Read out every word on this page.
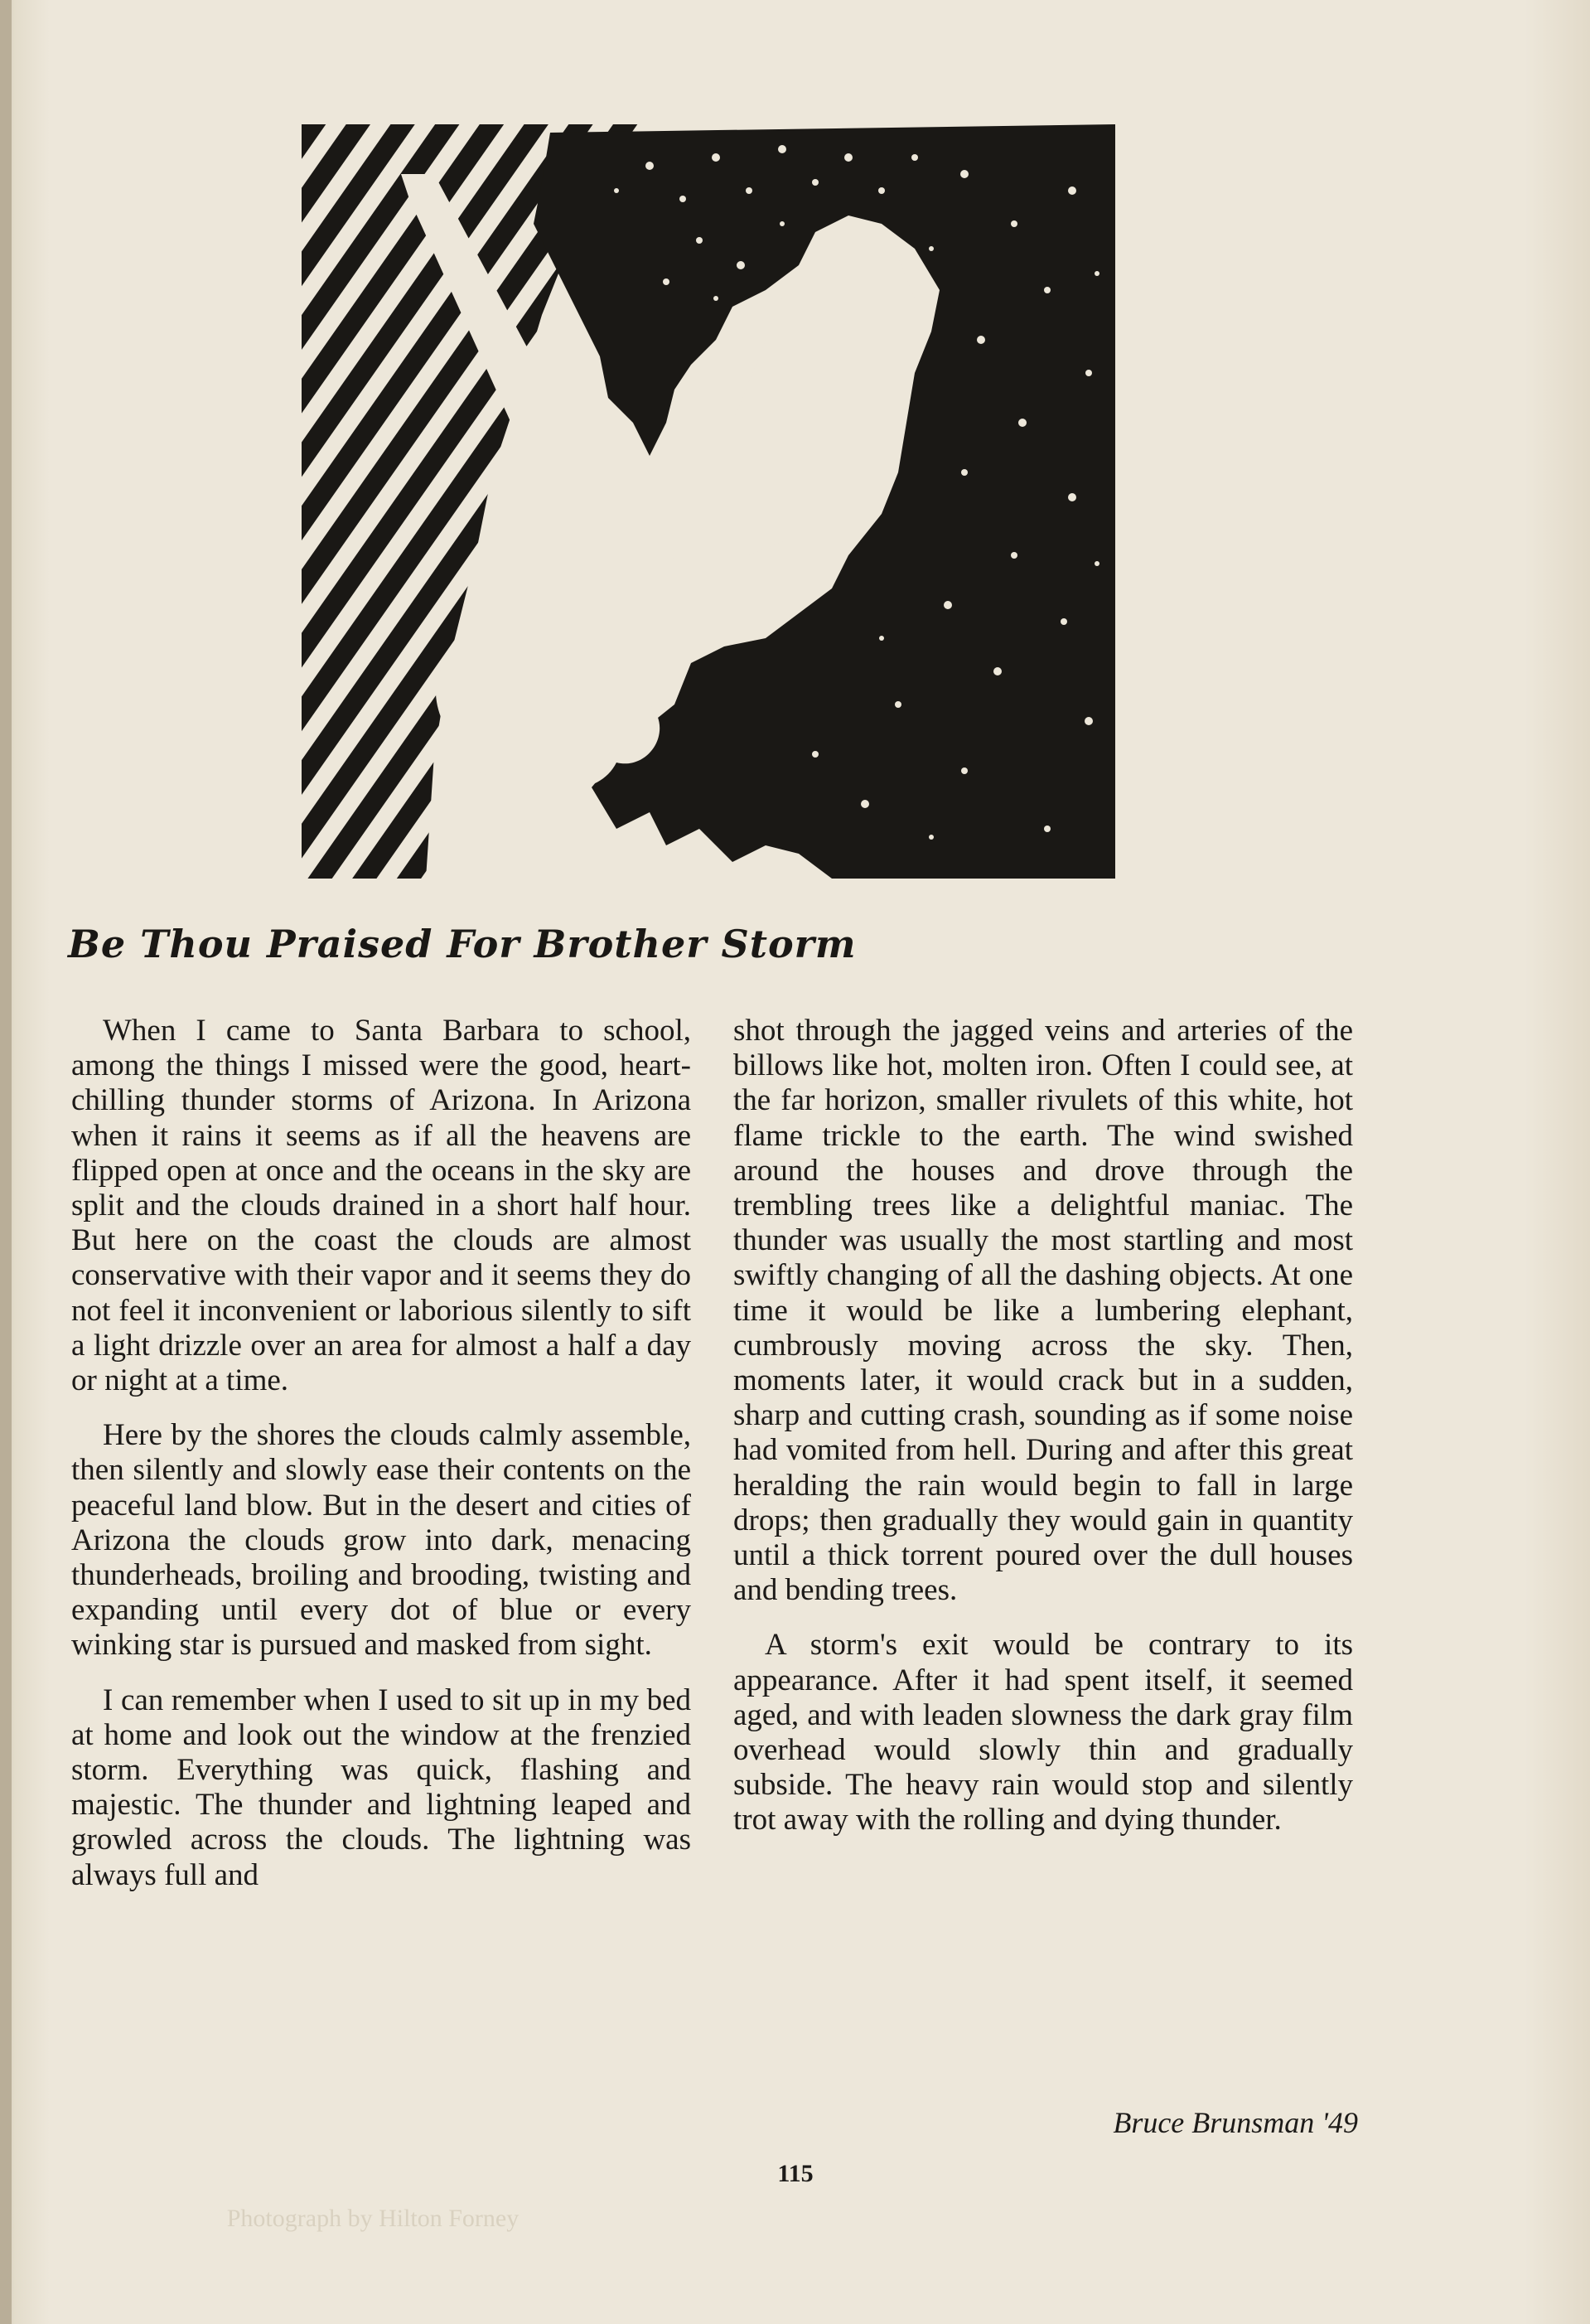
Be Thou Praised For Brother Storm

When I came to Santa Barbara to school, among the things I missed were the good, heart-chilling thunder storms of Arizona. In Arizona when it rains it seems as if all the heavens are flipped open at once and the oceans in the sky are split and the clouds drained in a short half hour. But here on the coast the clouds are almost conservative with their vapor and it seems they do not feel it inconvenient or laborious silently to sift a light drizzle over an area for almost a half a day or night at a time.

Here by the shores the clouds calmly assemble, then silently and slowly ease their contents on the peaceful land blow. But in the desert and cities of Arizona the clouds grow into dark, menacing thunderheads, broiling and brooding, twisting and expanding until every dot of blue or every winking star is pursued and masked from sight.

I can remember when I used to sit up in my bed at home and look out the window at the frenzied storm. Everything was quick, flashing and majestic. The thunder and lightning leaped and growled across the clouds. The lightning was always full and

shot through the jagged veins and arteries of the billows like hot, molten iron. Often I could see, at the far horizon, smaller rivulets of this white, hot flame trickle to the earth. The wind swished around the houses and drove through the trembling trees like a delightful maniac. The thunder was usually the most startling and most swiftly changing of all the dashing objects. At one time it would be like a lumbering elephant, cumbrously moving across the sky. Then, moments later, it would crack but in a sudden, sharp and cutting crash, sounding as if some noise had vomited from hell. During and after this great heralding the rain would begin to fall in large drops; then gradually they would gain in quantity until a thick torrent poured over the dull houses and bending trees.

A storm's exit would be contrary to its appearance. After it had spent itself, it seemed aged, and with leaden slowness the dark gray film overhead would slowly thin and gradually subside. The heavy rain would stop and silently trot away with the rolling and dying thunder.

Bruce Brunsman '49
115
Photograph by Hilton Forney
